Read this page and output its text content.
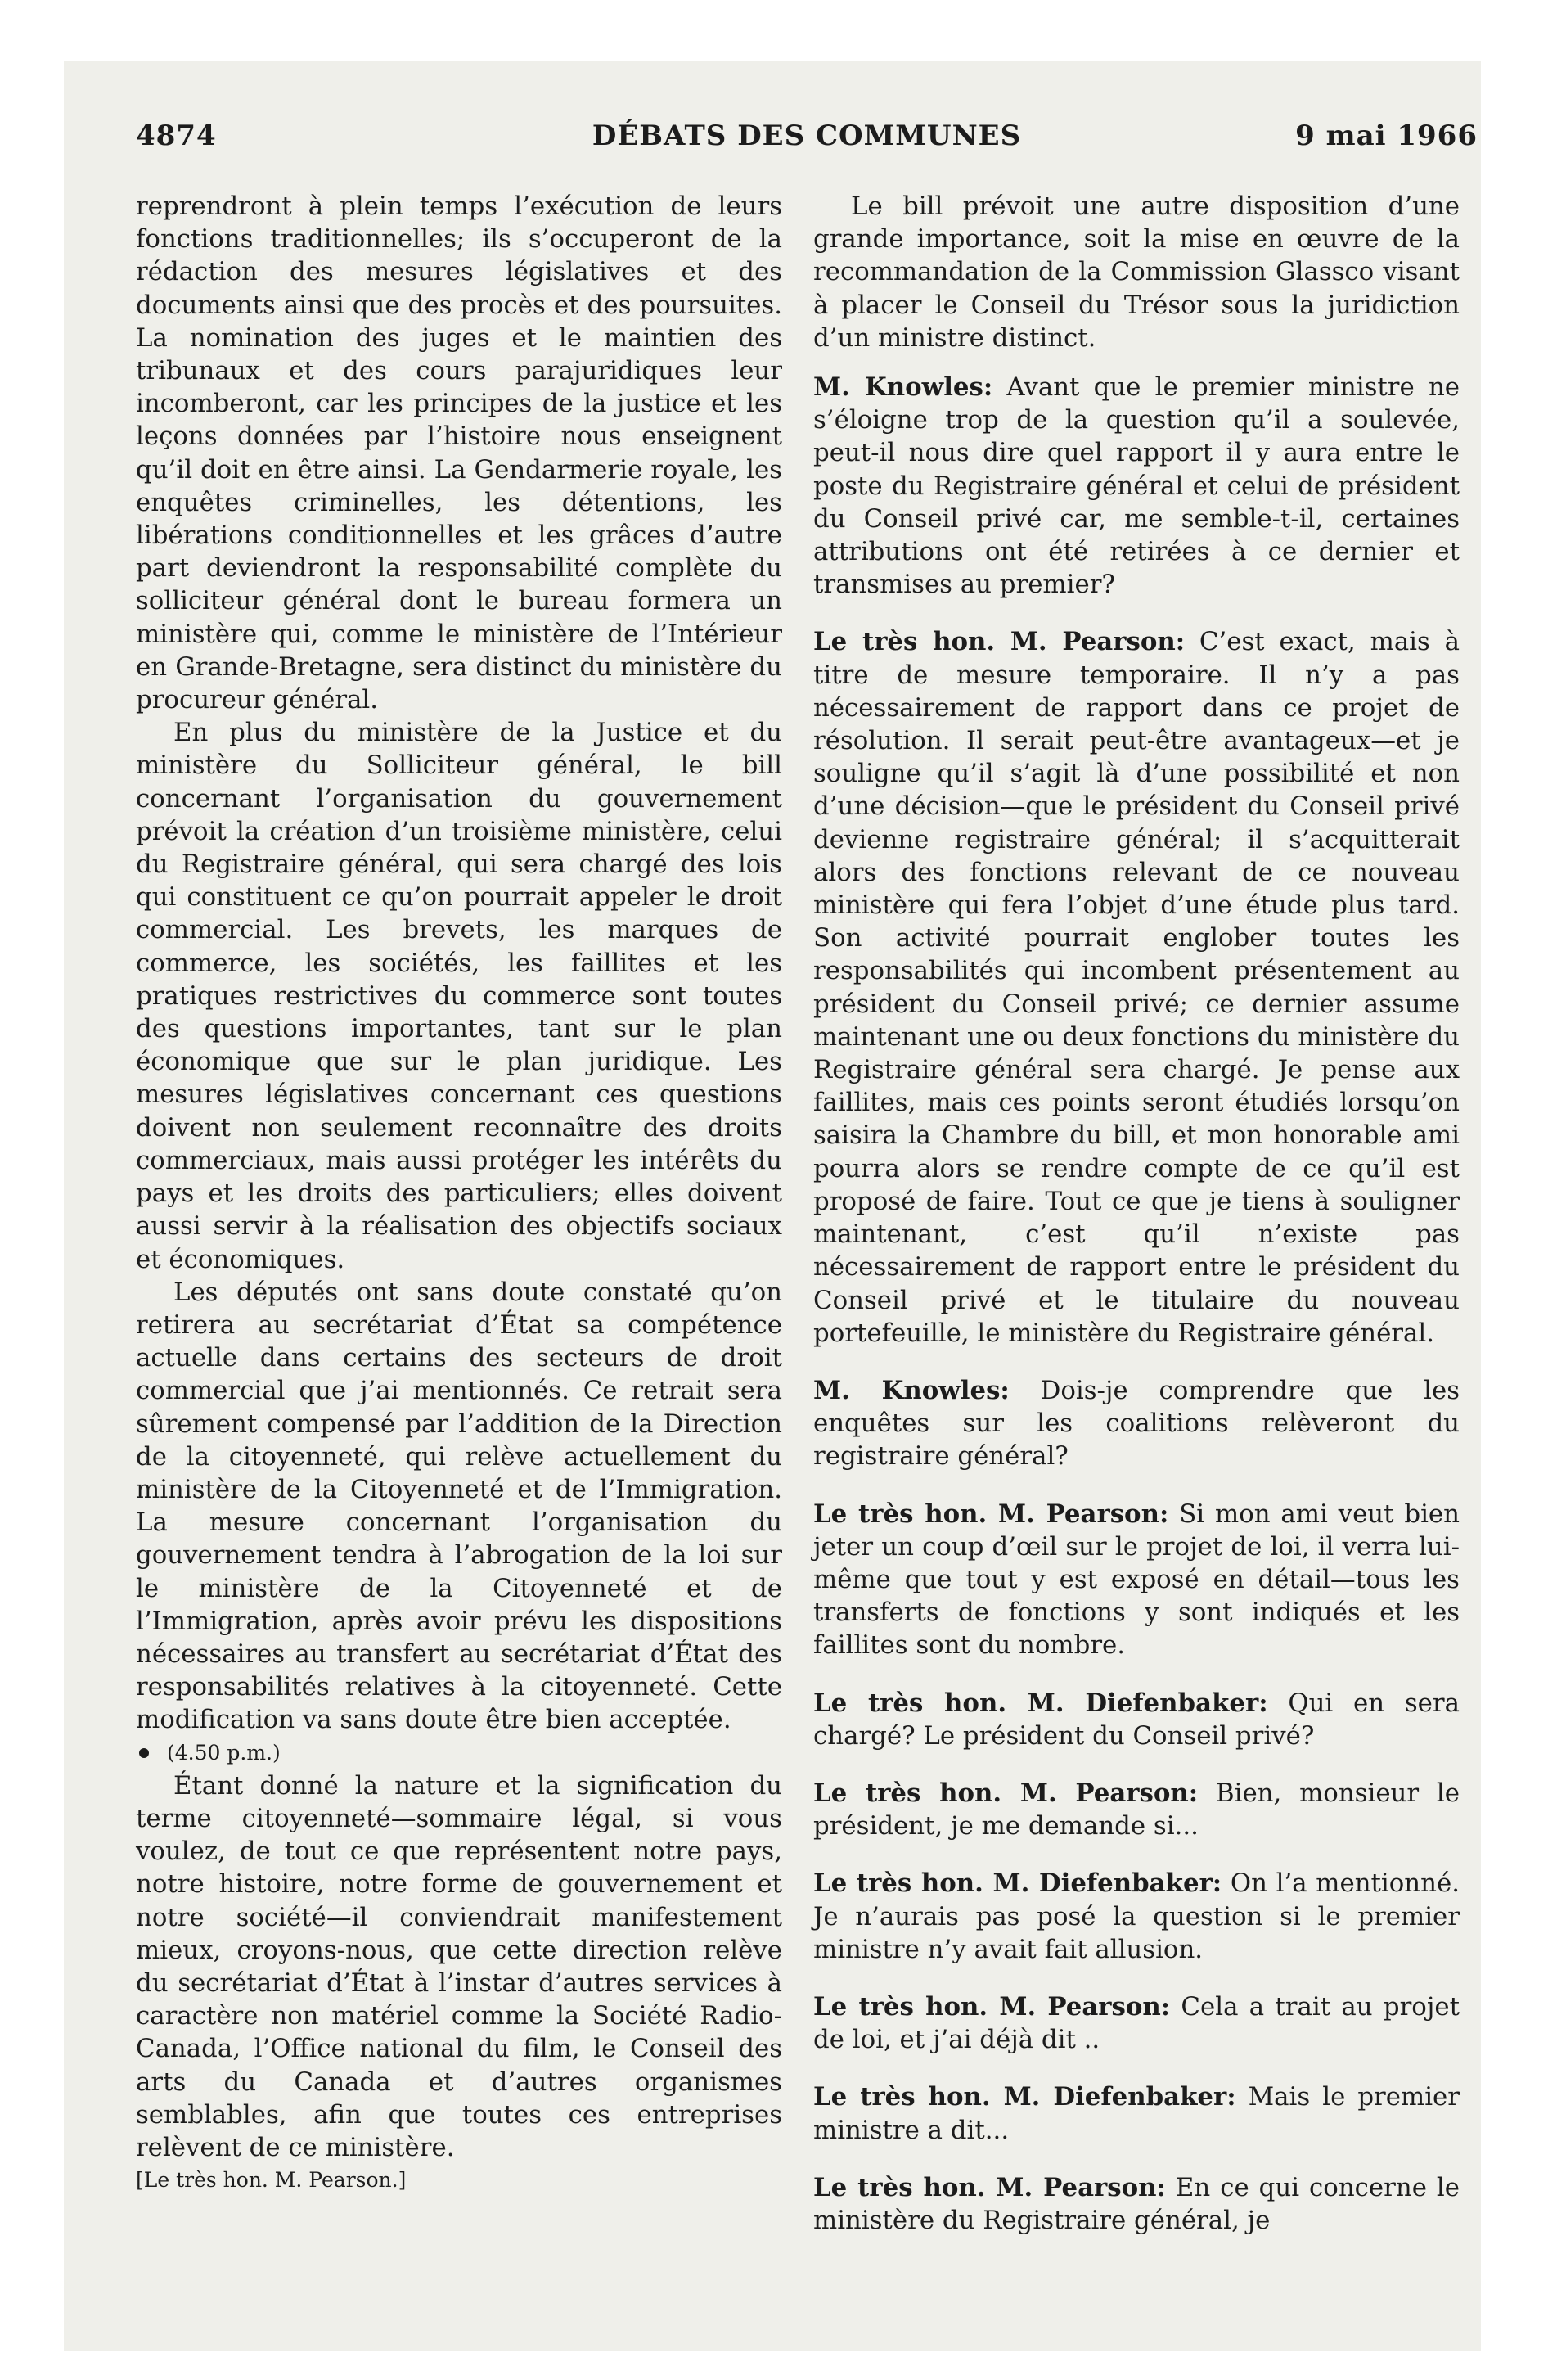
4874	DÉBATS DES COMMUNES	9 mai 1966

reprendront à plein temps l’exécution de leurs fonctions traditionnelles; ils s’occuperont de la rédaction des mesures législatives et des documents ainsi que des procès et des poursuites. La nomination des juges et le maintien des tribunaux et des cours parajuridiques leur incomberont, car les principes de la justice et les leçons données par l’histoire nous enseignent qu’il doit en être ainsi. La Gendarmerie royale, les enquêtes criminelles, les détentions, les libérations conditionnelles et les grâces d’autre part deviendront la responsabilité complète du solliciteur général dont le bureau formera un ministère qui, comme le ministère de l’Intérieur en Grande-Bretagne, sera distinct du ministère du procureur général.

En plus du ministère de la Justice et du ministère du Solliciteur général, le bill concernant l’organisation du gouvernement prévoit la création d’un troisième ministère, celui du Registraire général, qui sera chargé des lois qui constituent ce qu’on pourrait appeler le droit commercial. Les brevets, les marques de commerce, les sociétés, les faillites et les pratiques restrictives du commerce sont toutes des questions importantes, tant sur le plan économique que sur le plan juridique. Les mesures législatives concernant ces questions doivent non seulement reconnaître des droits commerciaux, mais aussi protéger les intérêts du pays et les droits des particuliers; elles doivent aussi servir à la réalisation des objectifs sociaux et économiques.

Les députés ont sans doute constaté qu’on retirera au secrétariat d’État sa compétence actuelle dans certains des secteurs de droit commercial que j’ai mentionnés. Ce retrait sera sûrement compensé par l’addition de la Direction de la citoyenneté, qui relève actuellement du ministère de la Citoyenneté et de l’Immigration. La mesure concernant l’organisation du gouvernement tendra à l’abrogation de la loi sur le ministère de la Citoyenneté et de l’Immigration, après avoir prévu les dispositions nécessaires au transfert au secrétariat d’État des responsabilités relatives à la citoyenneté. Cette modification va sans doute être bien acceptée.

(4.50 p.m.)

Étant donné la nature et la signification du terme citoyenneté—sommaire légal, si vous voulez, de tout ce que représentent notre pays, notre histoire, notre forme de gouvernement et notre société—il conviendrait manifestement mieux, croyons-nous, que cette direction relève du secrétariat d’État à l’instar d’autres services à caractère non matériel comme la Société Radio-Canada, l’Office national du film, le Conseil des arts du Canada et d’autres organismes semblables, afin que toutes ces entreprises relèvent de ce ministère.

[Le très hon. M. Pearson.]

Le bill prévoit une autre disposition d’une grande importance, soit la mise en œuvre de la recommandation de la Commission Glassco visant à placer le Conseil du Trésor sous la juridiction d’un ministre distinct.

M. Knowles: Avant que le premier ministre ne s’éloigne trop de la question qu’il a soulevée, peut-il nous dire quel rapport il y aura entre le poste du Registraire général et celui de président du Conseil privé car, me semble-t-il, certaines attributions ont été retirées à ce dernier et transmises au premier?

Le très hon. M. Pearson: C’est exact, mais à titre de mesure temporaire. Il n’y a pas nécessairement de rapport dans ce projet de résolution. Il serait peut-être avantageux—et je souligne qu’il s’agit là d’une possibilité et non d’une décision—que le président du Conseil privé devienne registraire général; il s’acquitterait alors des fonctions relevant de ce nouveau ministère qui fera l’objet d’une étude plus tard. Son activité pourrait englober toutes les responsabilités qui incombent présentement au président du Conseil privé; ce dernier assume maintenant une ou deux fonctions du ministère du Registraire général sera chargé. Je pense aux faillites, mais ces points seront étudiés lorsqu’on saisira la Chambre du bill, et mon honorable ami pourra alors se rendre compte de ce qu’il est proposé de faire. Tout ce que je tiens à souligner maintenant, c’est qu’il n’existe pas nécessairement de rapport entre le président du Conseil privé et le titulaire du nouveau portefeuille, le ministère du Registraire général.

M. Knowles: Dois-je comprendre que les enquêtes sur les coalitions relèveront du registraire général?

Le très hon. M. Pearson: Si mon ami veut bien jeter un coup d’œil sur le projet de loi, il verra lui-même que tout y est exposé en détail—tous les transferts de fonctions y sont indiqués et les faillites sont du nombre.

Le très hon. M. Diefenbaker: Qui en sera chargé? Le président du Conseil privé?

Le très hon. M. Pearson: Bien, monsieur le président, je me demande si...

Le très hon. M. Diefenbaker: On l’a mentionné. Je n’aurais pas posé la question si le premier ministre n’y avait fait allusion.

Le très hon. M. Pearson: Cela a trait au projet de loi, et j’ai déjà dit ..

Le très hon. M. Diefenbaker: Mais le premier ministre a dit...

Le très hon. M. Pearson: En ce qui concerne le ministère du Registraire général, je
